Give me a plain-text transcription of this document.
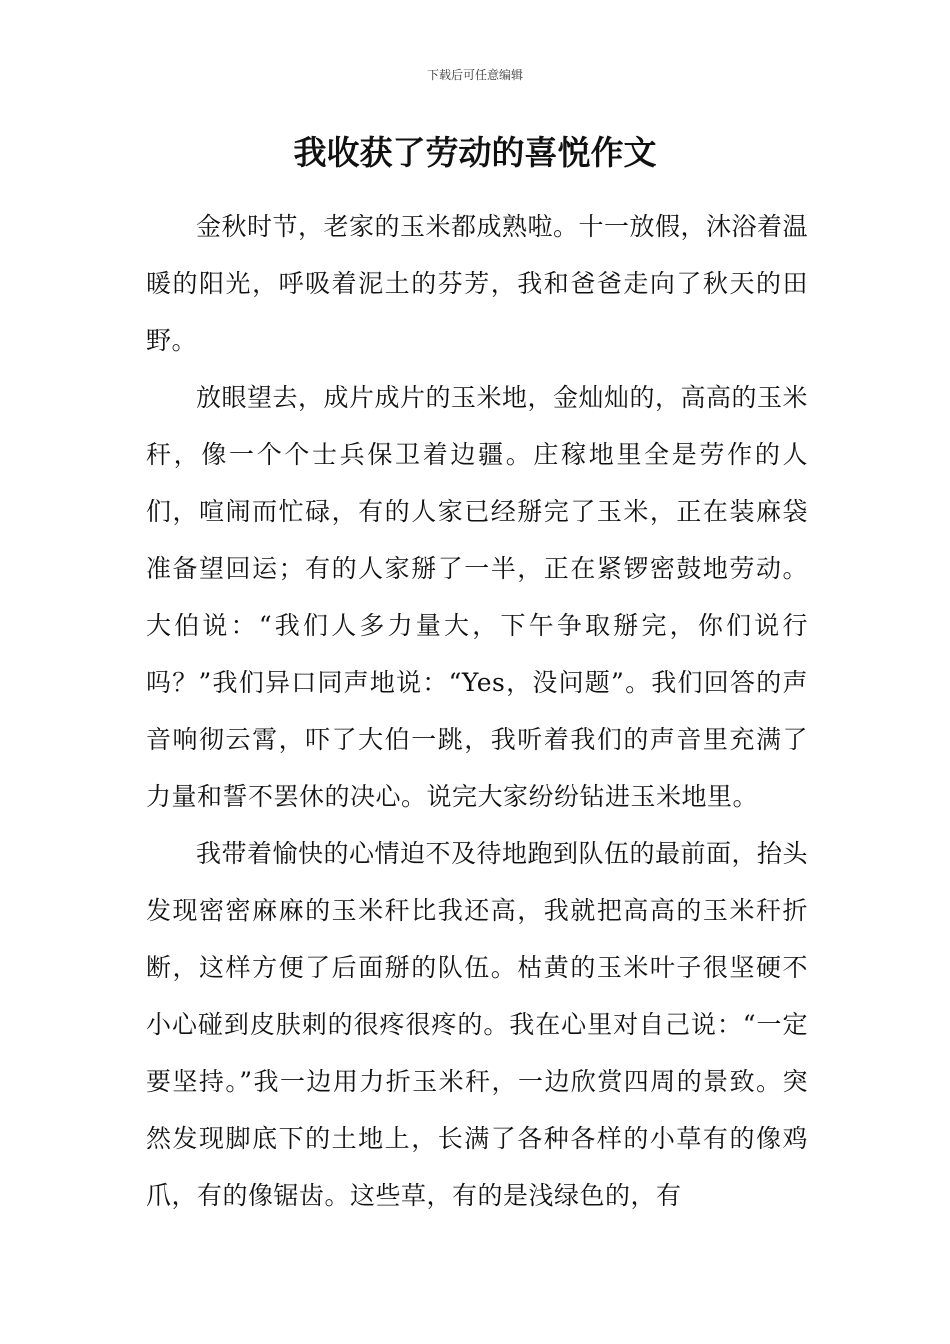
下载后可任意编辑
我收获了劳动的喜悦作文

金秋时节，老家的玉米都成熟啦。十一放假，沐浴着温暖的阳光，呼吸着泥土的芬芳，我和爸爸走向了秋天的田野。

放眼望去，成片成片的玉米地，金灿灿的，高高的玉米秆，像一个个士兵保卫着边疆。庄稼地里全是劳作的人们，喧闹而忙碌，有的人家已经掰完了玉米，正在装麻袋准备望回运；有的人家掰了一半，正在紧锣密鼓地劳动。大伯说：“我们人多力量大，下午争取掰完，你们说行吗？”我们异口同声地说：“Yes，没问题”。我们回答的声音响彻云霄，吓了大伯一跳，我听着我们的声音里充满了力量和誓不罢休的决心。说完大家纷纷钻进玉米地里。

我带着愉快的心情迫不及待地跑到队伍的最前面，抬头发现密密麻麻的玉米秆比我还高，我就把高高的玉米秆折断，这样方便了后面掰的队伍。枯黄的玉米叶子很坚硬不小心碰到皮肤刺的很疼很疼的。我在心里对自己说：“一定要坚持。”我一边用力折玉米秆，一边欣赏四周的景致。突然发现脚底下的土地上，长满了各种各样的小草有的像鸡爪，有的像锯齿。这些草，有的是浅绿色的，有
